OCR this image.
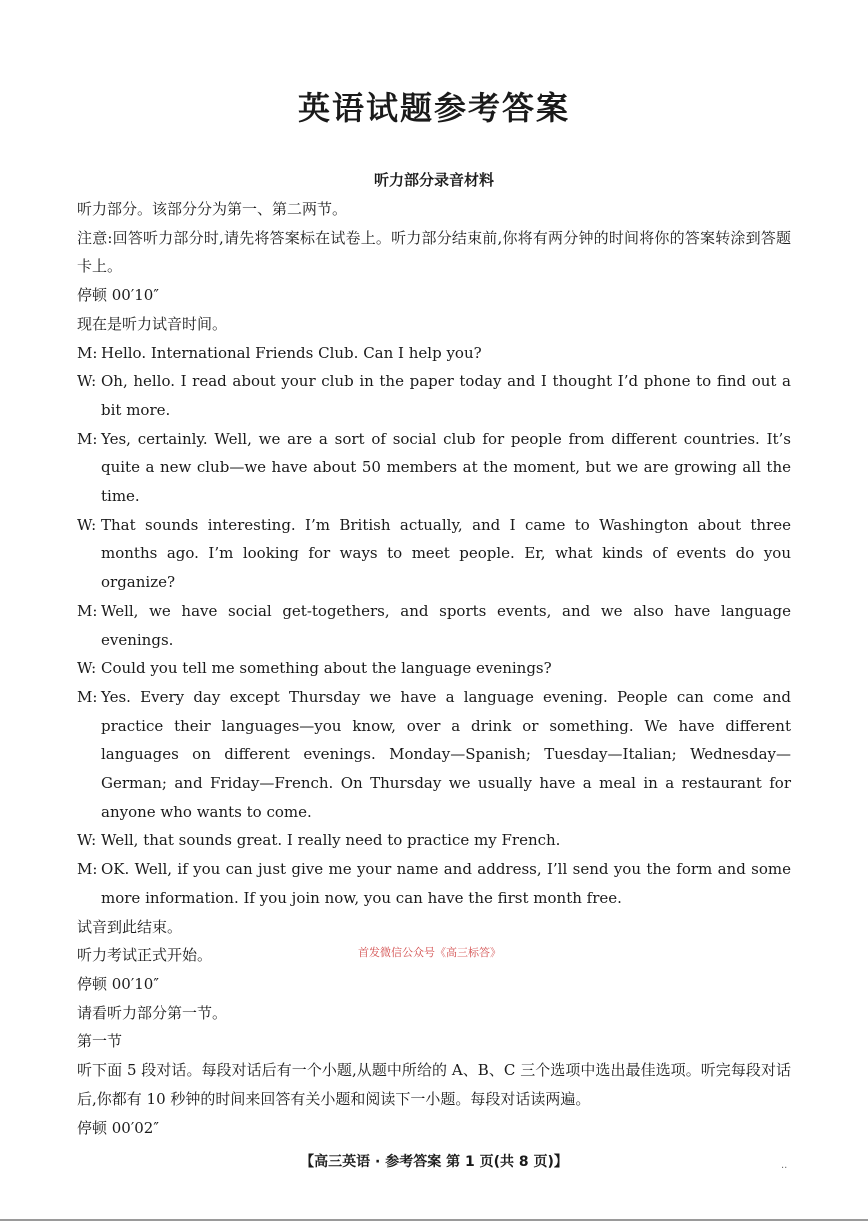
英语试题参考答案
听力部分录音材料
听力部分。该部分分为第一、第二两节。
注意:回答听力部分时,请先将答案标在试卷上。听力部分结束前,你将有两分钟的时间将你的答案转涂到答题卡上。
停顿 00′10″
现在是听力试音时间。
M: Hello. International Friends Club. Can I help you?
W: Oh, hello. I read about your club in the paper today and I thought I’d phone to find out a bit more.
M: Yes, certainly. Well, we are a sort of social club for people from different countries. It’s quite a new club—we have about 50 members at the moment, but we are growing all the time.
W: That sounds interesting. I’m British actually, and I came to Washington about three months ago. I’m looking for ways to meet people. Er, what kinds of events do you organize?
M: Well, we have social get-togethers, and sports events, and we also have language evenings.
W: Could you tell me something about the language evenings?
M: Yes. Every day except Thursday we have a language evening. People can come and practice their languages—you know, over a drink or something. We have different languages on different evenings. Monday—Spanish; Tuesday—Italian; Wednesday—German; and Friday—French. On Thursday we usually have a meal in a restaurant for anyone who wants to come.
W: Well, that sounds great. I really need to practice my French.
M: OK. Well, if you can just give me your name and address, I’ll send you the form and some more information. If you join now, you can have the first month free.
试音到此结束。
听力考试正式开始。	首发微信公众号《高三标答》
停顿 00′10″
请看听力部分第一节。
第一节
听下面 5 段对话。每段对话后有一个小题,从题中所给的 A、B、C 三个选项中选出最佳选项。听完每段对话后,你都有 10 秒钟的时间来回答有关小题和阅读下一小题。每段对话读两遍。
停顿 00′02″
【高三英语 · 参考答案 第 1 页(共 8 页)】	..
